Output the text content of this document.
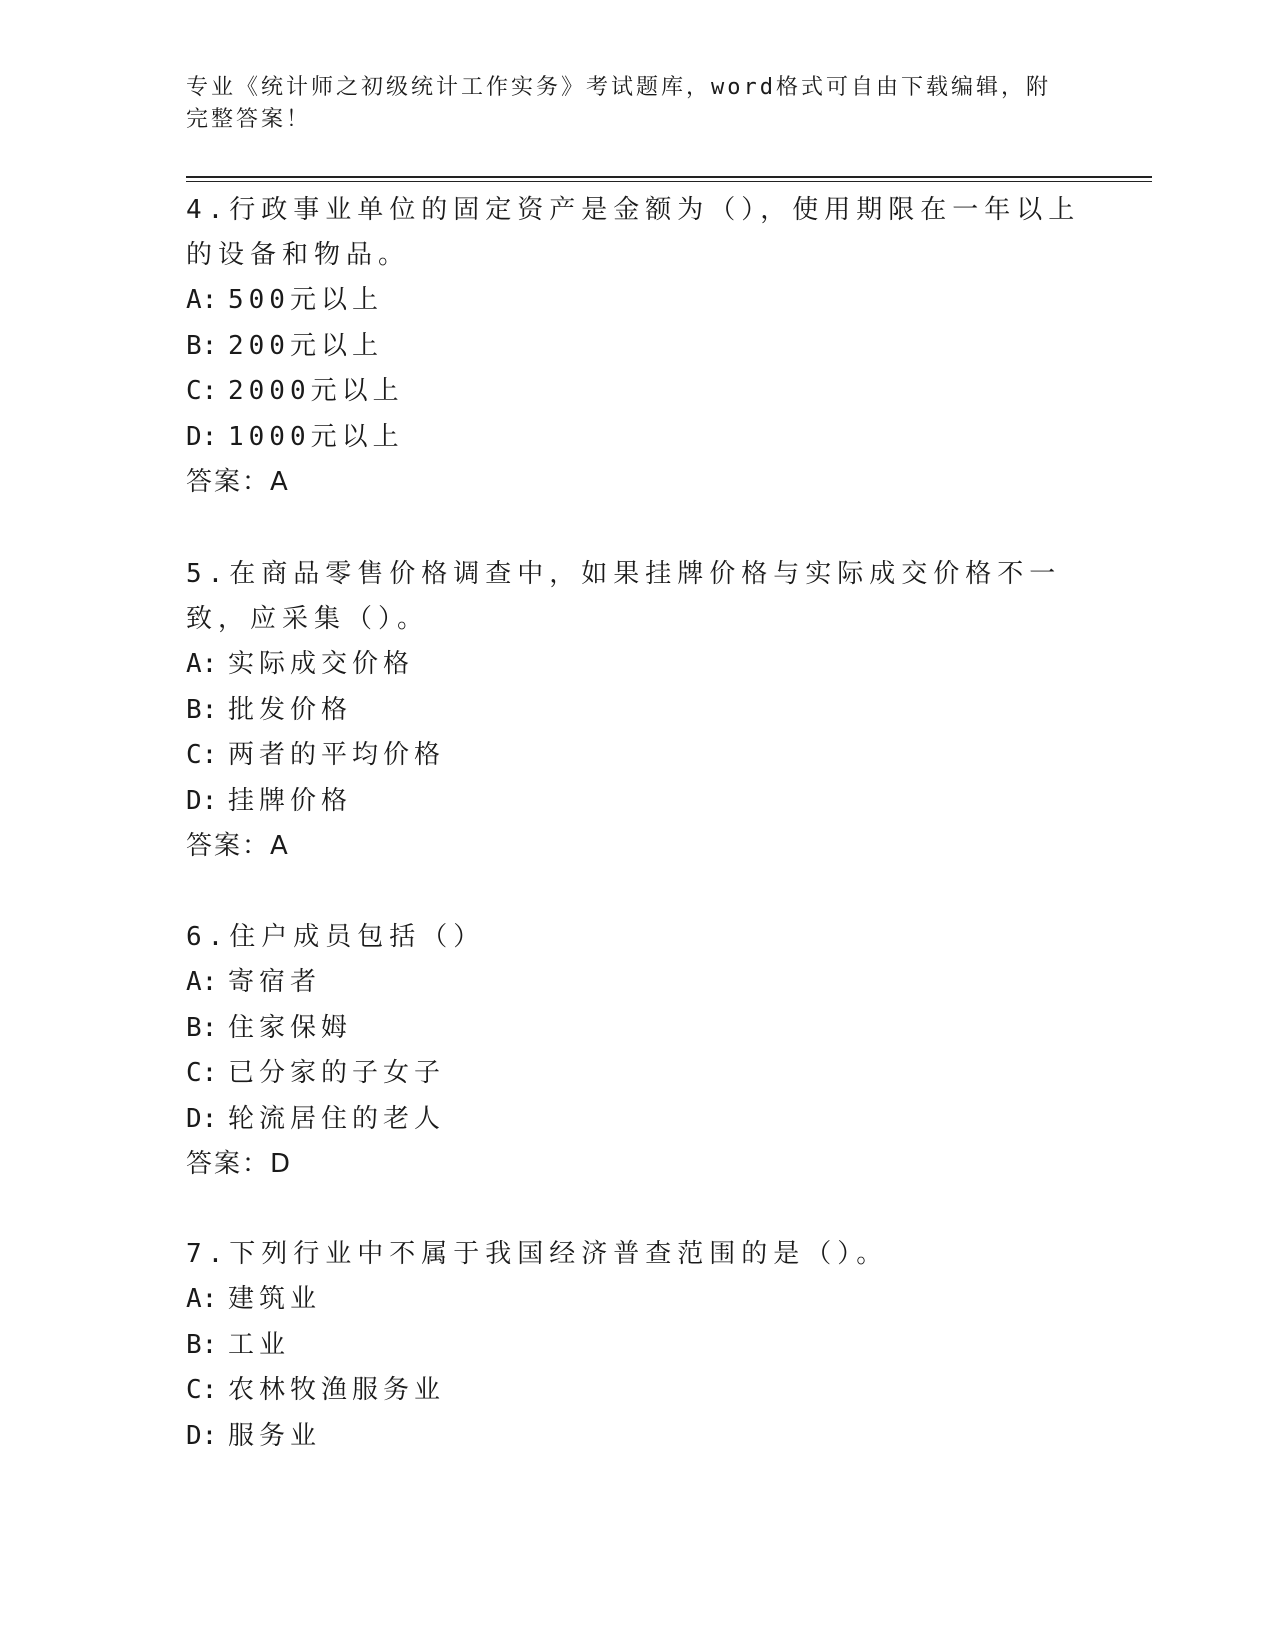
专业《统计师之初级统计工作实务》考试题库，word格式可自由下载编辑，附完整答案！

4.行政事业单位的固定资产是金额为（），使用期限在一年以上的设备和物品。

A: 500元以上

B: 200元以上

C: 2000元以上

D: 1000元以上

答案：A

5.在商品零售价格调查中，如果挂牌价格与实际成交价格不一致，应采集（）。

A: 实际成交价格

B: 批发价格

C: 两者的平均价格

D: 挂牌价格

答案：A

6.住户成员包括（）

A: 寄宿者

B: 住家保姆

C: 已分家的子女子

D: 轮流居住的老人

答案：D

7.下列行业中不属于我国经济普查范围的是（）。

A: 建筑业

B: 工业

C: 农林牧渔服务业

D: 服务业
